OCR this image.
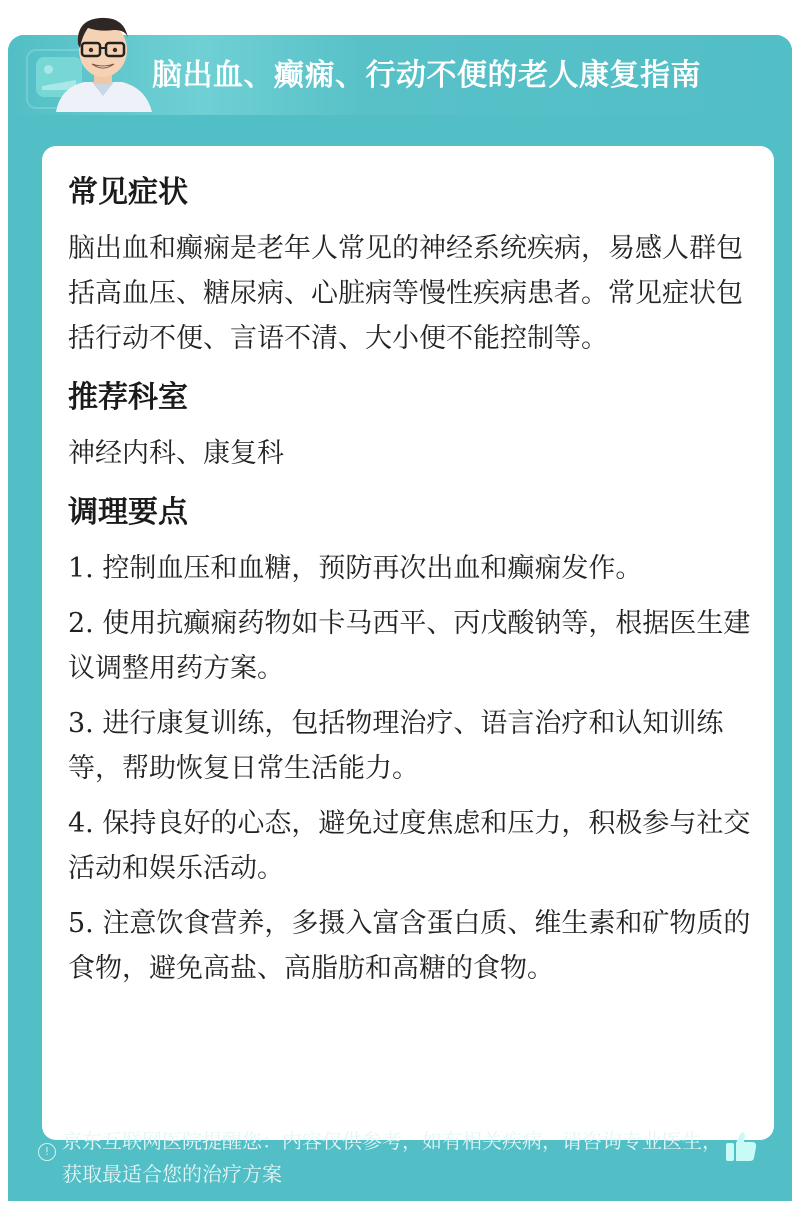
常见症状

脑出血和癫痫是老年人常见的神经系统疾病，易感人群包括高血压、糖尿病、心脏病等慢性疾病患者。常见症状包括行动不便、言语不清、大小便不能控制等。

推荐科室

神经内科、康复科

调理要点

1. 控制血压和血糖，预防再次出血和癫痫发作。

2. 使用抗癫痫药物如卡马西平、丙戊酸钠等，根据医生建议调整用药方案。

3. 进行康复训练，包括物理治疗、语言治疗和认知训练等，帮助恢复日常生活能力。

4. 保持良好的心态，避免过度焦虑和压力，积极参与社交活动和娱乐活动。

5. 注意饮食营养，多摄入富含蛋白质、维生素和矿物质的食物，避免高盐、高脂肪和高糖的食物。

! 京东互联网医院提醒您：内容仅供参考，如有相关疾病，请咨询专业医生，获取最适合您的治疗方案
脑出血、癫痫、行动不便的老人康复指南
